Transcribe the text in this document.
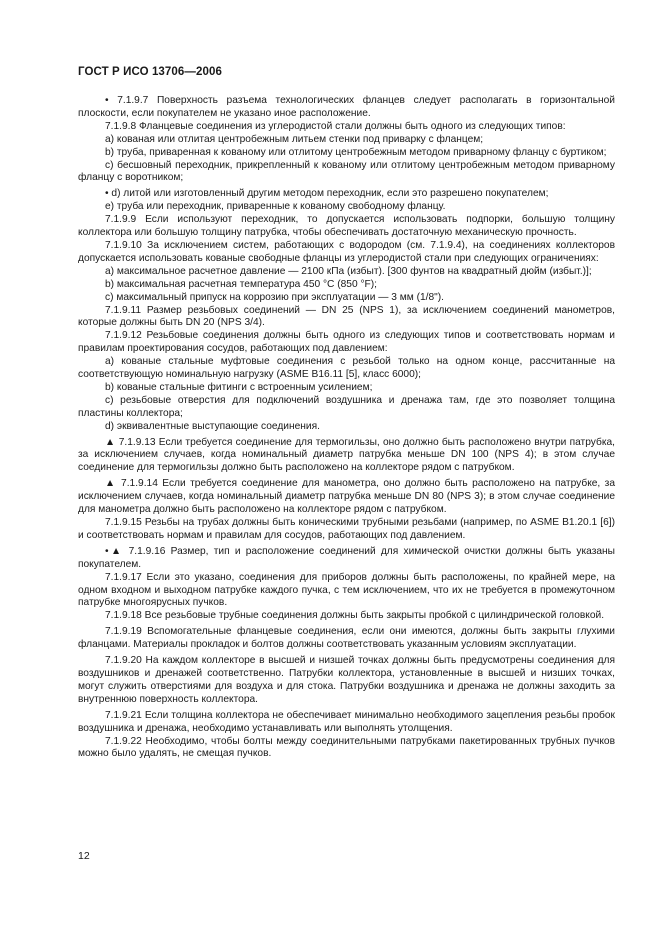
ГОСТ Р ИСО 13706—2006

• 7.1.9.7 Поверхность разъема технологических фланцев следует располагать в горизонтальной плоскости, если покупателем не указано иное расположение.

7.1.9.8 Фланцевые соединения из углеродистой стали должны быть одного из следующих типов:

а) кованая или отлитая центробежным литьем стенки под приварку с фланцем;

b) труба, приваренная к кованому или отлитому центробежным методом приварному фланцу с буртиком;

c) бесшовный переходник, прикрепленный к кованому или отлитому центробежным методом приварному фланцу с воротником;

• d) литой или изготовленный другим методом переходник, если это разрешено покупателем;

e) труба или переходник, приваренные к кованому свободному фланцу.

7.1.9.9 Если используют переходник, то допускается использовать подпорки, большую толщину коллектора или большую толщину патрубка, чтобы обеспечивать достаточную механическую прочность.

7.1.9.10 За исключением систем, работающих с водородом (см. 7.1.9.4), на соединениях коллекторов допускается использовать кованые свободные фланцы из углеродистой стали при следующих ограничениях:

а) максимальное расчетное давление — 2100 кПа (избыт). [300 фунтов на квадратный дюйм (избыт.)];

b) максимальная расчетная температура 450 °С (850 °F);

с) максимальный припуск на коррозию при эксплуатации — 3 мм (1/8").

7.1.9.11 Размер резьбовых соединений — DN 25 (NPS 1), за исключением соединений манометров, которые должны быть DN 20 (NPS 3/4).

7.1.9.12 Резьбовые соединения должны быть одного из следующих типов и соответствовать нормам и правилам проектирования сосудов, работающих под давлением:

а) кованые стальные муфтовые соединения с резьбой только на одном конце, рассчитанные на соответствующую номинальную нагрузку (ASME B16.11 [5], класс 6000);

b) кованые стальные фитинги с встроенным усилением;

c) резьбовые отверстия для подключений воздушника и дренажа там, где это позволяет толщина пластины коллектора;

d) эквивалентные выступающие соединения.

▲ 7.1.9.13 Если требуется соединение для термогильзы, оно должно быть расположено внутри патрубка, за исключением случаев, когда номинальный диаметр патрубка меньше DN 100 (NPS 4); в этом случае соединение для термогильзы должно быть расположено на коллекторе рядом с патрубком.

▲ 7.1.9.14 Если требуется соединение для манометра, оно должно быть расположено на патрубке, за исключением случаев, когда номинальный диаметр патрубка меньше DN 80 (NPS 3); в этом случае соединение для манометра должно быть расположено на коллекторе рядом с патрубком.

7.1.9.15 Резьбы на трубах должны быть коническими трубными резьбами (например, по ASME B1.20.1 [6]) и соответствовать нормам и правилам для сосудов, работающих под давлением.

•▲ 7.1.9.16 Размер, тип и расположение соединений для химической очистки должны быть указаны покупателем.

7.1.9.17 Если это указано, соединения для приборов должны быть расположены, по крайней мере, на одном входном и выходном патрубке каждого пучка, с тем исключением, что их не требуется в промежуточном патрубке многоярусных пучков.

7.1.9.18 Все резьбовые трубные соединения должны быть закрыты пробкой с цилиндрической головкой.

7.1.9.19 Вспомогательные фланцевые соединения, если они имеются, должны быть закрыты глухими фланцами. Материалы прокладок и болтов должны соответствовать указанным условиям эксплуатации.

7.1.9.20 На каждом коллекторе в высшей и низшей точках должны быть предусмотрены соединения для воздушников и дренажей соответственно. Патрубки коллектора, установленные в высшей и низших точках, могут служить отверстиями для воздуха и для стока. Патрубки воздушника и дренажа не должны заходить за внутреннюю поверхность коллектора.

7.1.9.21 Если толщина коллектора не обеспечивает минимально необходимого зацепления резьбы пробок воздушника и дренажа, необходимо устанавливать или выполнять утолщения.

7.1.9.22 Необходимо, чтобы болты между соединительными патрубками пакетированных трубных пучков можно было удалять, не смещая пучков.

12
